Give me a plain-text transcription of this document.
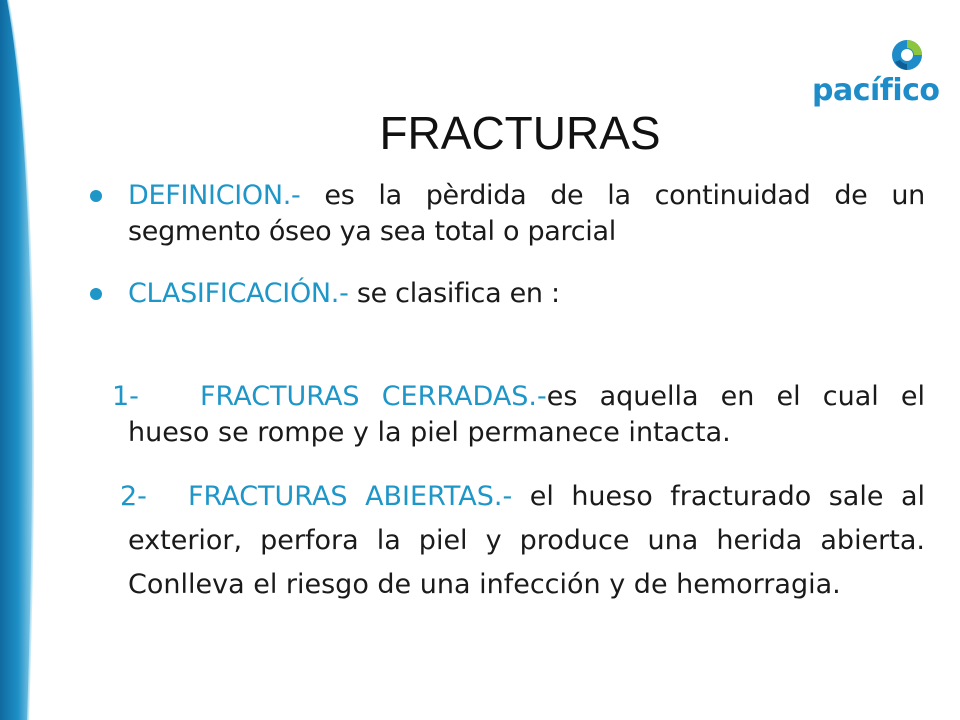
pacífico
FRACTURAS

DEFINICION.- es la pèrdida de la continuidad de un segmento óseo ya sea total o parcial

CLASIFICACIÓN.- se clasifica en :

1-	FRACTURAS CERRADAS.-es aquella en el cual el hueso se rompe y la piel permanece intacta.

2-	FRACTURAS ABIERTAS.- el hueso fracturado sale al exterior, perfora la piel y produce una herida abierta. Conlleva el riesgo de una infección y de hemorragia.
